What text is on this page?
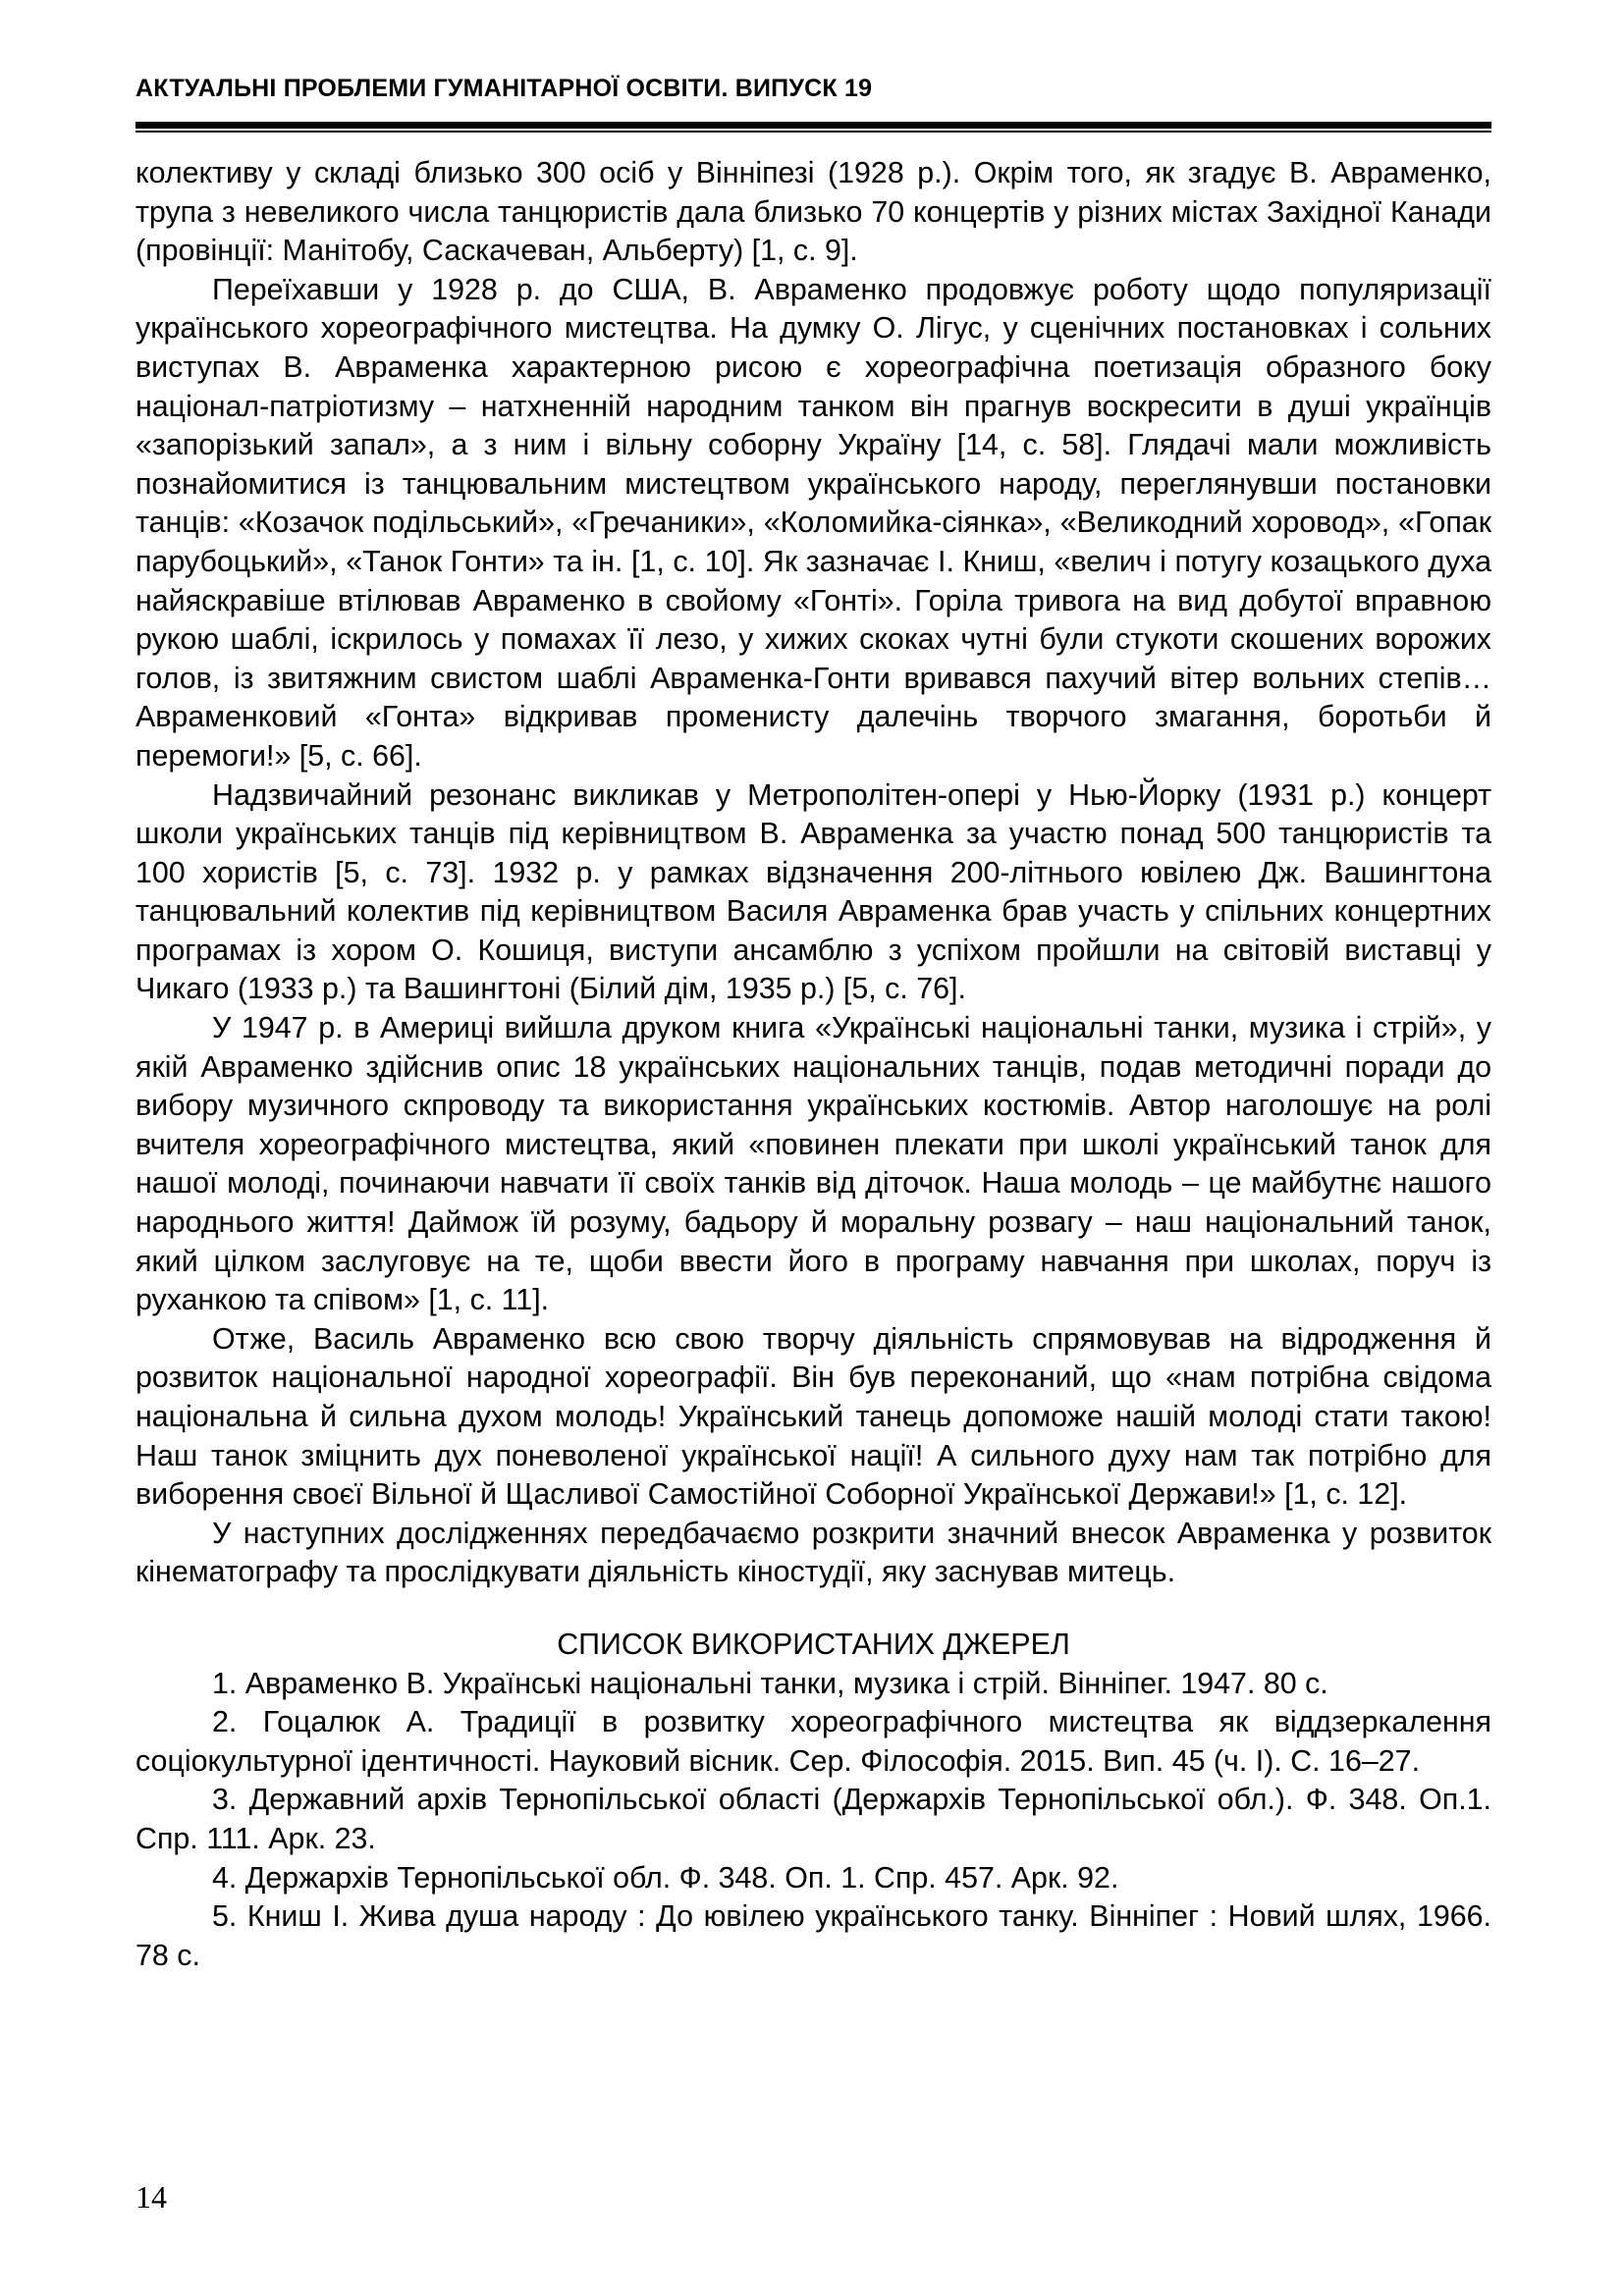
АКТУАЛЬНІ ПРОБЛЕМИ ГУМАНІТАРНОЇ ОСВІТИ. ВИПУСК 19

колективу у складі близько 300 осіб у Вінніпезі (1928 р.). Окрім того, як згадує В. Авраменко, трупа з невеликого числа танцюристів дала близько 70 концертів у різних містах Західної Канади (провінції: Манітобу, Саскачеван, Альберту) [1, с. 9].

Переїхавши у 1928 р. до США, В. Авраменко продовжує роботу щодо популяризації українського хореографічного мистецтва. На думку О. Лігус, у сценічних постановках і сольних виступах В. Авраменка характерною рисою є хореографічна поетизація образного боку націонал-патріотизму – натхненній народним танком він прагнув воскресити в душі українців «запорізький запал», а з ним і вільну соборну Україну [14, с. 58]. Глядачі мали можливість познайомитися із танцювальним мистецтвом українського народу, переглянувши постановки танців: «Козачок подільський», «Гречаники», «Коломийка-сіянка», «Великодний хоровод», «Гопак парубоцький», «Танок Гонти» та ін. [1, с. 10]. Як зазначає І. Книш, «велич і потугу козацького духа найяскравіше втілював Авраменко в свойому «Гонті». Горіла тривога на вид добутої вправною рукою шаблі, іскрилось у помахах її лезо, у хижих скоках чутні були стукоти скошених ворожих голов, із звитяжним свистом шаблі Авраменка-Гонти вривався пахучий вітер вольних степів… Авраменковий «Гонта» відкривав променисту далечінь творчого змагання, боротьби й перемоги!» [5, с. 66].

Надзвичайний резонанс викликав у Метрополітен-опері у Нью-Йорку (1931 р.) концерт школи українських танців під керівництвом В. Авраменка за участю понад 500 танцюристів та 100 хористів [5, с. 73]. 1932 р. у рамках відзначення 200-літнього ювілею Дж. Вашингтона танцювальний колектив під керівництвом Василя Авраменка брав участь у спільних концертних програмах із хором О. Кошиця, виступи ансамблю з успіхом пройшли на світовій виставці у Чикаго (1933 р.) та Вашингтоні (Білий дім, 1935 р.) [5, с. 76].

У 1947 р. в Америці вийшла друком книга «Українські національні танки, музика і стрій», у якій Авраменко здійснив опис 18 українських національних танців, подав методичні поради до вибору музичного скпроводу та використання українських костюмів. Автор наголошує на ролі вчителя хореографічного мистецтва, який «повинен плекати при школі український танок для нашої молоді, починаючи навчати її своїх танків від діточок. Наша молодь – це майбутнє нашого народнього життя! Даймож їй розуму, бадьору й моральну розвагу – наш національний танок, який цілком заслуговує на те, щоби ввести його в програму навчання при школах, поруч із руханкою та співом» [1, с. 11].

Отже, Василь Авраменко всю свою творчу діяльність спрямовував на відродження й розвиток національної народної хореографії. Він був переконаний, що «нам потрібна свідома національна й сильна духом молодь! Український танець допоможе нашій молоді стати такою! Наш танок зміцнить дух поневоленої української нації! А сильного духу нам так потрібно для виборення своєї Вільної й Щасливої Самостійної Соборної Української Держави!» [1, с. 12].

У наступних дослідженнях передбачаємо розкрити значний внесок Авраменка у розвиток кінематографу та прослідкувати діяльність кіностудії, яку заснував митець.

СПИСОК ВИКОРИСТАНИХ ДЖЕРЕЛ

1. Авраменко В. Українські національні танки, музика і стрій. Вінніпег. 1947. 80 с.

2. Гоцалюк А. Традиції в розвитку хореографічного мистецтва як віддзеркалення соціокультурної ідентичності. Науковий вісник. Сер. Філософія. 2015. Вип. 45 (ч. І). С. 16–27.

3. Державний архів Тернопільської області (Держархів Тернопільської обл.). Ф. 348. Оп.1. Спр. 111. Арк. 23.

4. Держархів Тернопільської обл. Ф. 348. Оп. 1. Спр. 457. Арк. 92.

5. Книш І. Жива душа народу : До ювілею українського танку. Вінніпег : Новий шлях, 1966. 78 с.

14
